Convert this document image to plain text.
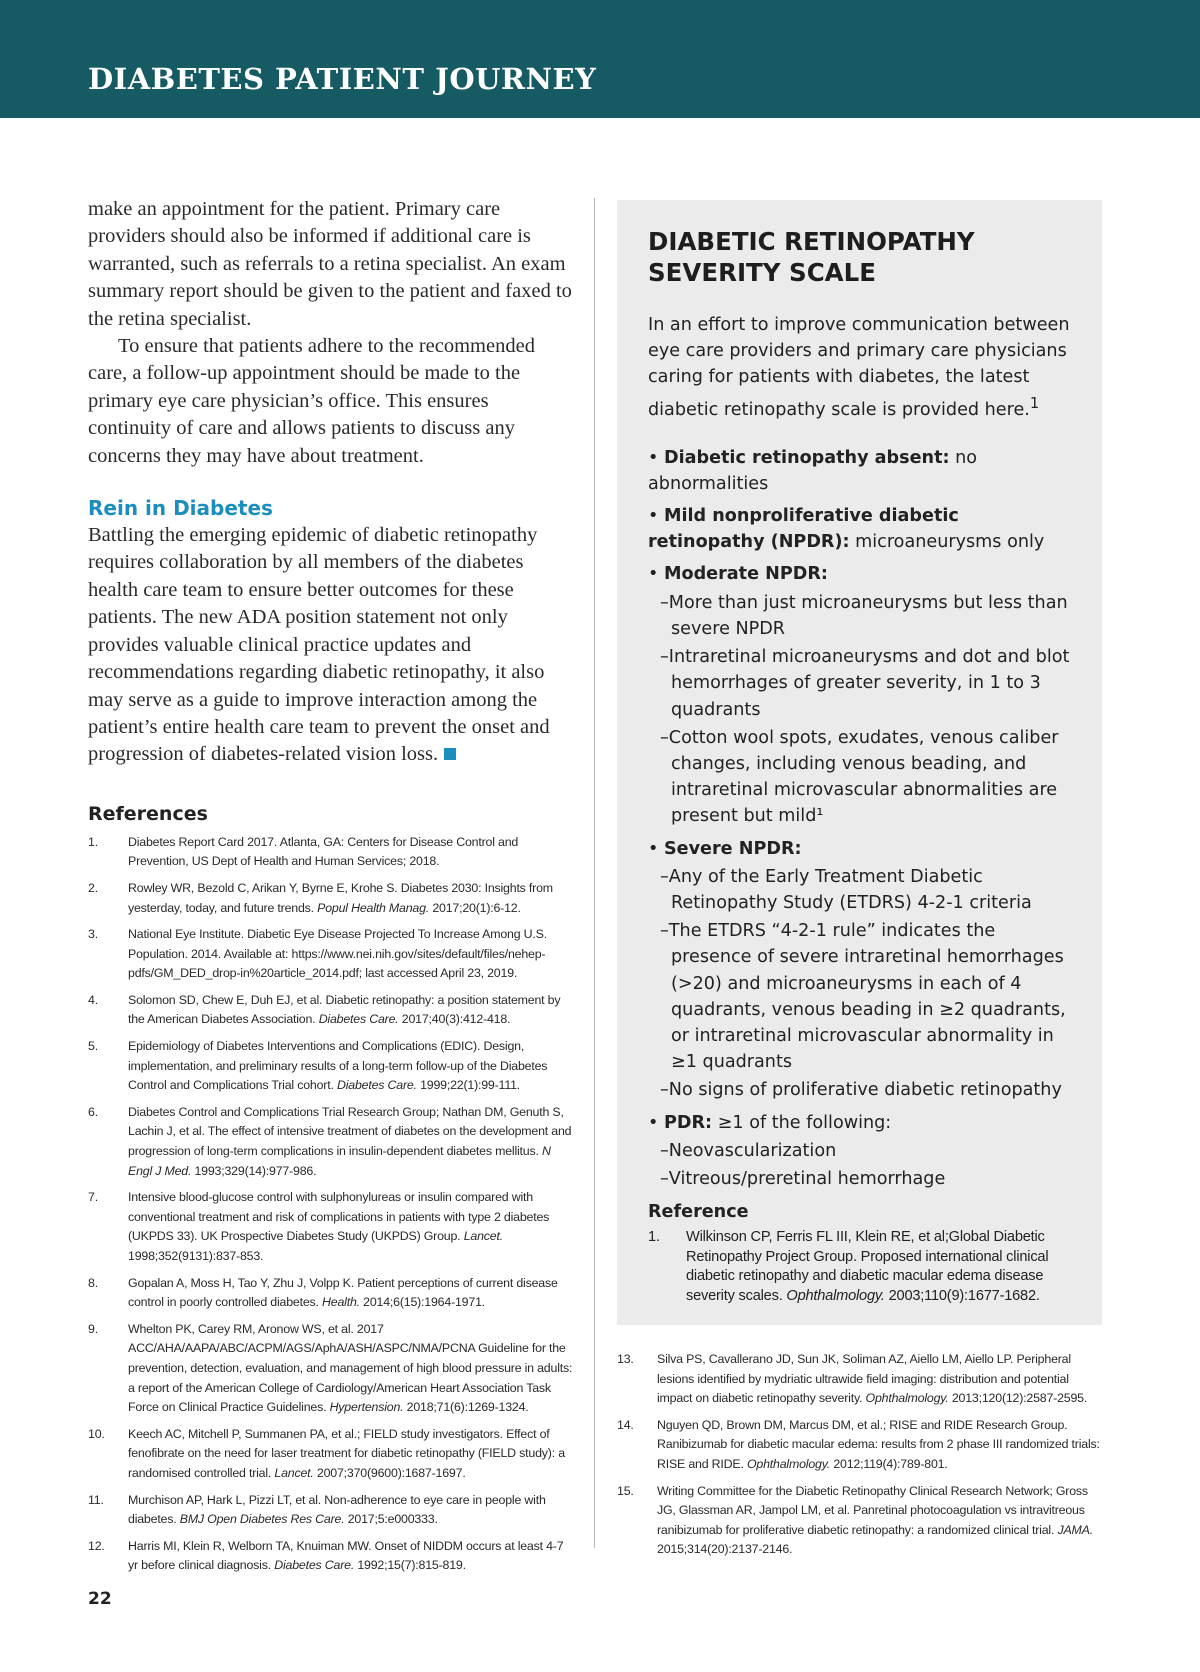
DIABETES PATIENT JOURNEY

make an appointment for the patient. Primary care providers should also be informed if additional care is warranted, such as referrals to a retina specialist. An exam summary report should be given to the patient and faxed to the retina specialist.

To ensure that patients adhere to the recommended care, a follow-up appointment should be made to the primary eye care physician’s office. This ensures continuity of care and allows patients to discuss any concerns they may have about treatment.

Rein in Diabetes

Battling the emerging epidemic of diabetic retinopathy requires collaboration by all members of the diabetes health care team to ensure better outcomes for these patients. The new ADA position statement not only provides valuable clinical practice updates and recommendations regarding diabetic retinopathy, it also may serve as a guide to improve interaction among the patient’s entire health care team to prevent the onset and progression of diabetes-related vision loss.

References
1.	Diabetes Report Card 2017. Atlanta, GA: Centers for Disease Control and Prevention, US Dept of Health and Human Services; 2018.
2.	Rowley WR, Bezold C, Arikan Y, Byrne E, Krohe S. Diabetes 2030: Insights from yesterday, today, and future trends. Popul Health Manag. 2017;20(1):6-12.
3.	National Eye Institute. Diabetic Eye Disease Projected To Increase Among U.S. Population. 2014. Available at: https://www.nei.nih.gov/sites/default/files/nehep-pdfs/GM_DED_drop-in%20article_2014.pdf; last accessed April 23, 2019.
4.	Solomon SD, Chew E, Duh EJ, et al. Diabetic retinopathy: a position statement by the American Diabetes Association. Diabetes Care. 2017;40(3):412-418.
5.	Epidemiology of Diabetes Interventions and Complications (EDIC). Design, implementation, and preliminary results of a long-term follow-up of the Diabetes Control and Complications Trial cohort. Diabetes Care. 1999;22(1):99-111.
6.	Diabetes Control and Complications Trial Research Group; Nathan DM, Genuth S, Lachin J, et al. The effect of intensive treatment of diabetes on the development and progression of long-term complications in insulin-dependent diabetes mellitus. N Engl J Med. 1993;329(14):977-986.
7.	Intensive blood-glucose control with sulphonylureas or insulin compared with conventional treatment and risk of complications in patients with type 2 diabetes (UKPDS 33). UK Prospective Diabetes Study (UKPDS) Group. Lancet. 1998;352(9131):837-853.
8.	Gopalan A, Moss H, Tao Y, Zhu J, Volpp K. Patient perceptions of current disease control in poorly controlled diabetes. Health. 2014;6(15):1964-1971.
9.	Whelton PK, Carey RM, Aronow WS, et al. 2017 ACC/AHA/AAPA/ABC/ACPM/AGS/AphA/ASH/ASPC/NMA/PCNA Guideline for the prevention, detection, evaluation, and management of high blood pressure in adults: a report of the American College of Cardiology/American Heart Association Task Force on Clinical Practice Guidelines. Hypertension. 2018;71(6):1269-1324.
10.	Keech AC, Mitchell P, Summanen PA, et al.; FIELD study investigators. Effect of fenofibrate on the need for laser treatment for diabetic retinopathy (FIELD study): a randomised controlled trial. Lancet. 2007;370(9600):1687-1697.
11.	Murchison AP, Hark L, Pizzi LT, et al. Non-adherence to eye care in people with diabetes. BMJ Open Diabetes Res Care. 2017;5:e000333.
12.	Harris MI, Klein R, Welborn TA, Knuiman MW. Onset of NIDDM occurs at least 4-7 yr before clinical diagnosis. Diabetes Care. 1992;15(7):815-819.
DIABETIC RETINOPATHY SEVERITY SCALE

In an effort to improve communication between eye care providers and primary care physicians caring for patients with diabetes, the latest diabetic retinopathy scale is provided here.$^1$

• Diabetic retinopathy absent: no abnormalities
• Mild nonproliferative diabetic retinopathy (NPDR): microaneurysms only
• Moderate NPDR:
–More than just microaneurysms but less than severe NPDR
–Intraretinal microaneurysms and dot and blot hemorrhages of greater severity, in 1 to 3 quadrants
–Cotton wool spots, exudates, venous caliber changes, including venous beading, and intraretinal microvascular abnormalities are present but mild¹
• Severe NPDR:
–Any of the Early Treatment Diabetic Retinopathy Study (ETDRS) 4-2-1 criteria
–The ETDRS “4-2-1 rule” indicates the presence of severe intraretinal hemorrhages (>20) and microaneurysms in each of 4 quadrants, venous beading in ≥2 quadrants, or intraretinal microvascular abnormality in ≥1 quadrants
–No signs of proliferative diabetic retinopathy
• PDR: ≥1 of the following:
–Neovascularization
–Vitreous/preretinal hemorrhage
Reference
1.	Wilkinson CP, Ferris FL III, Klein RE, et al;Global Diabetic Retinopathy Project Group. Proposed international clinical diabetic retinopathy and diabetic macular edema disease severity scales. Ophthalmology. 2003;110(9):1677-1682.
13.	Silva PS, Cavallerano JD, Sun JK, Soliman AZ, Aiello LM, Aiello LP. Peripheral lesions identified by mydriatic ultrawide field imaging: distribution and potential impact on diabetic retinopathy severity. Ophthalmology. 2013;120(12):2587-2595.
14.	Nguyen QD, Brown DM, Marcus DM, et al.; RISE and RIDE Research Group. Ranibizumab for diabetic macular edema: results from 2 phase III randomized trials: RISE and RIDE. Ophthalmology. 2012;119(4):789-801.
15.	Writing Committee for the Diabetic Retinopathy Clinical Research Network; Gross JG, Glassman AR, Jampol LM, et al. Panretinal photocoagulation vs intravitreous ranibizumab for proliferative diabetic retinopathy: a randomized clinical trial. JAMA. 2015;314(20):2137-2146.
22
